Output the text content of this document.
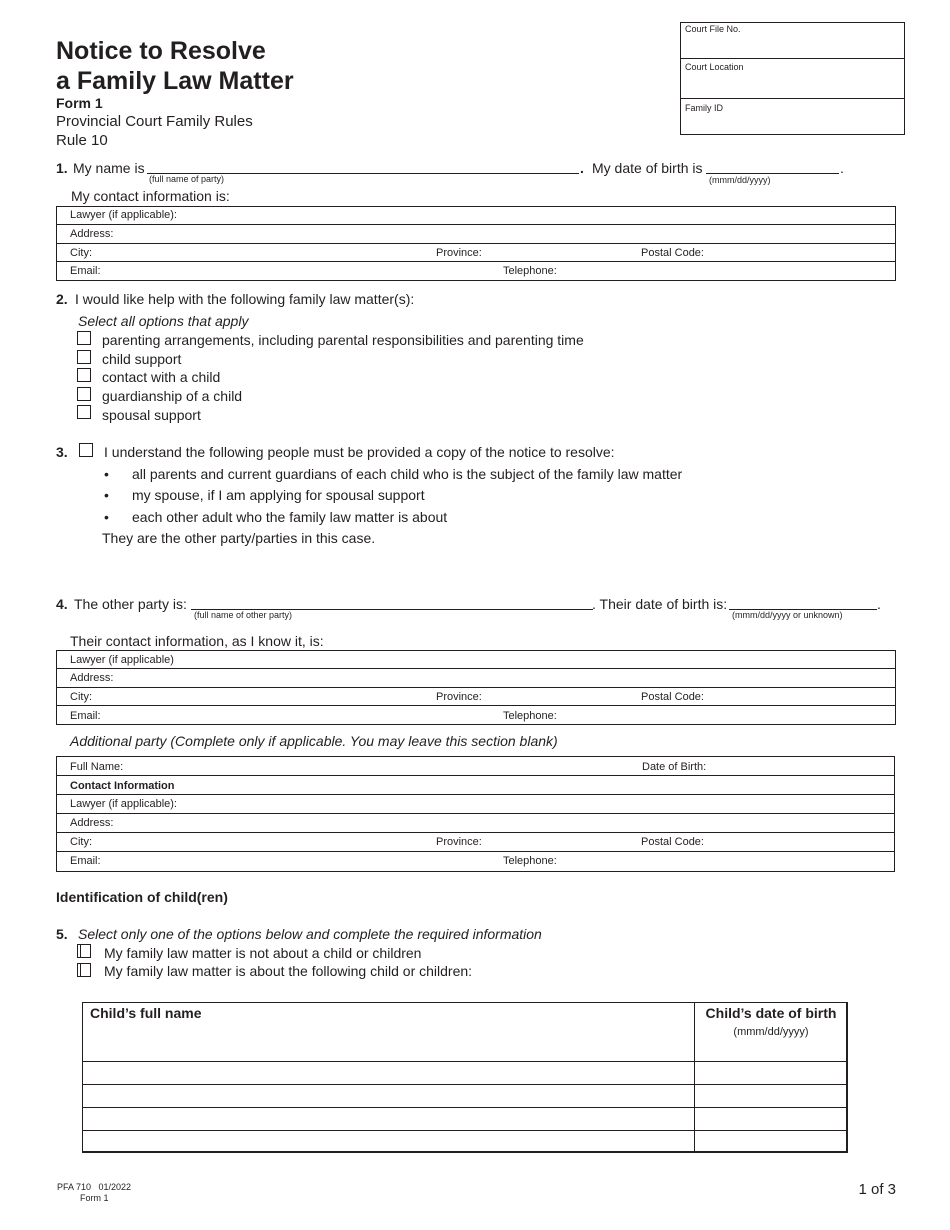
Notice to Resolve
a Family Law Matter
Form 1
Provincial Court Family Rules
Rule 10
Court File No.
Court Location
Family ID
1. My name is
(full name of party)
. My date of birth is
(mmm/dd/yyyy)
.
My contact information is:
Lawyer (if applicable):
Address:
City:	Province:	Postal Code:
Email:	Telephone:
2. I would like help with the following family law matter(s):
Select all options that apply
parenting arrangements, including parental responsibilities and parenting time
child support
contact with a child
guardianship of a child
spousal support
3.	I understand the following people must be provided a copy of the notice to resolve:
• all parents and current guardians of each child who is the subject of the family law matter
• my spouse, if I am applying for spousal support
• each other adult who the family law matter is about
They are the other party/parties in this case.
4. The other party is:
(full name of other party)
. Their date of birth is:
(mmm/dd/yyyy or unknown)
.
Their contact information, as I know it, is:
Lawyer (if applicable)
Address:
City:	Province:	Postal Code:
Email:	Telephone:
Additional party (Complete only if applicable. You may leave this section blank)
Full Name:	Date of Birth:
Contact Information
Lawyer (if applicable):
Address:
City:	Province:	Postal Code:
Email:	Telephone:
Identification of child(ren)
5. Select only one of the options below and complete the required information
My family law matter is not about a child or children
My family law matter is about the following child or children:
Child’s full name	Child’s date of birth
(mmm/dd/yyyy)
PFA 710   01/2022
Form 1	1 of 3
